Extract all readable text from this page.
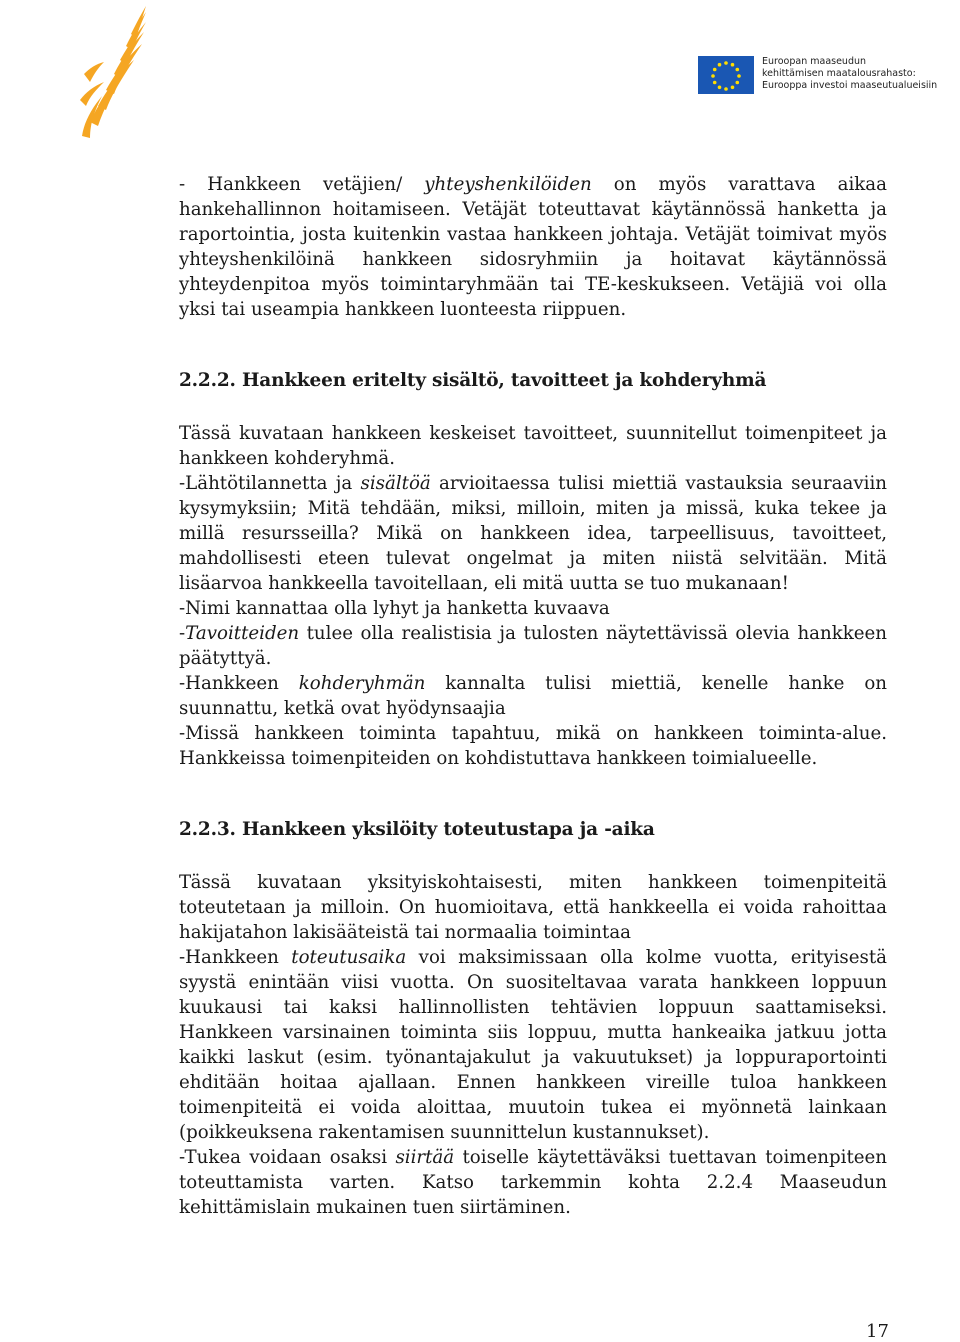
Euroopan maaseudun
kehittämisen maatalousrahasto:
Eurooppa investoi maaseutualueisiin

- Hankkeen vetäjien/ yhteyshenkilöiden on myös varattava aikaa hankehallinnon hoitamiseen. Vetäjät toteuttavat käytännössä hanketta ja raportointia, josta kuitenkin vastaa hankkeen johtaja. Vetäjät toimivat myös yhteyshenkilöinä hankkeen sidosryhmiin ja hoitavat käytännössä yhteydenpitoa myös toimintaryhmään tai TE-keskukseen. Vetäjiä voi olla yksi tai useampia hankkeen luonteesta riippuen.

2.2.2. Hankkeen eritelty sisältö, tavoitteet ja kohderyhmä

Tässä kuvataan hankkeen keskeiset tavoitteet, suunnitellut toimenpiteet ja hankkeen kohderyhmä.

-Lähtötilannetta ja sisältöä arvioitaessa tulisi miettiä vastauksia seuraaviin kysymyksiin; Mitä tehdään, miksi, milloin, miten ja missä, kuka tekee ja millä resursseilla? Mikä on hankkeen idea, tarpeellisuus, tavoitteet, mahdollisesti eteen tulevat ongelmat ja miten niistä selvitään. Mitä lisäarvoa hankkeella tavoitellaan, eli mitä uutta se tuo mukanaan!

-Nimi kannattaa olla lyhyt ja hanketta kuvaava

-Tavoitteiden tulee olla realistisia ja tulosten näytettävissä olevia hankkeen päätyttyä.

-Hankkeen kohderyhmän kannalta tulisi miettiä, kenelle hanke on suunnattu, ketkä ovat hyödynsaajia

-Missä hankkeen toiminta tapahtuu, mikä on hankkeen toiminta-alue. Hankkeissa toimenpiteiden on kohdistuttava hankkeen toimialueelle.

2.2.3. Hankkeen yksilöity toteutustapa ja -aika

Tässä kuvataan yksityiskohtaisesti, miten hankkeen toimenpiteitä toteutetaan ja milloin. On huomioitava, että hankkeella ei voida rahoittaa hakijatahon lakisääteistä tai normaalia toimintaa

-Hankkeen toteutusaika voi maksimissaan olla kolme vuotta, erityisestä syystä enintään viisi vuotta. On suositeltavaa varata hankkeen loppuun kuukausi tai kaksi hallinnollisten tehtävien loppuun saattamiseksi. Hankkeen varsinainen toiminta siis loppuu, mutta hankeaika jatkuu jotta kaikki laskut (esim. työnantajakulut ja vakuutukset) ja loppuraportointi ehditään hoitaa ajallaan. Ennen hankkeen vireille tuloa hankkeen toimenpiteitä ei voida aloittaa, muutoin tukea ei myönnetä lainkaan (poikkeuksena rakentamisen suunnittelun kustannukset).

-Tukea voidaan osaksi siirtää toiselle käytettäväksi tuettavan toimenpiteen toteuttamista varten. Katso tarkemmin kohta 2.2.4 Maaseudun kehittämislain mukainen tuen siirtäminen.

17
